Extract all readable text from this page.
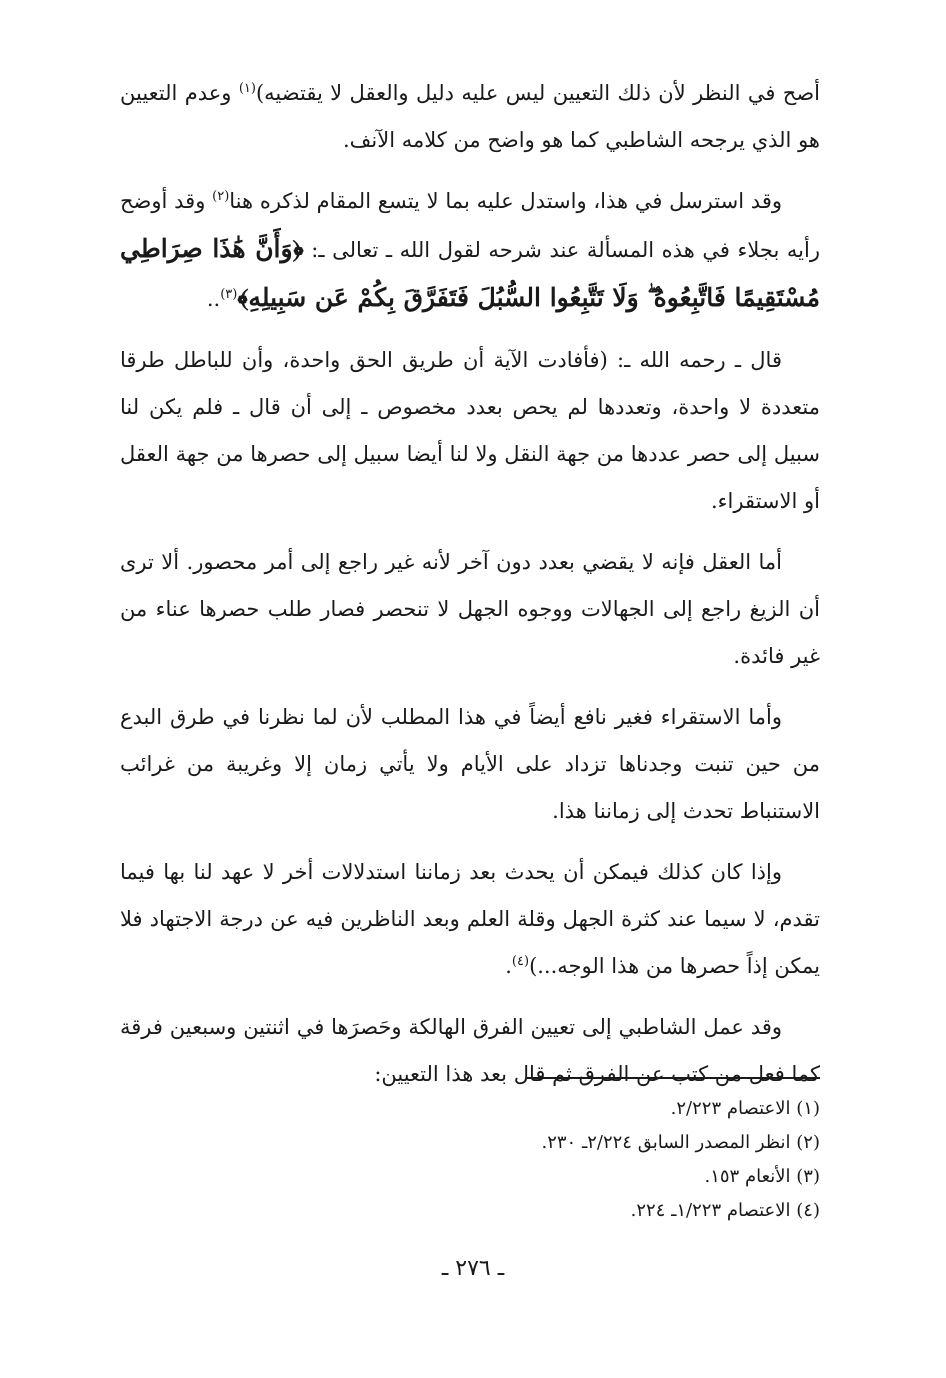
أصح في النظر لأن ذلك التعيين ليس عليه دليل والعقل لا يقتضيه)$^{(١)}$ وعدم التعيين هو الذي يرجحه الشاطبي كما هو واضح من كلامه الآنف.

وقد استرسل في هذا، واستدل عليه بما لا يتسع المقام لذكره هنا$^{(٢)}$ وقد أوضح رأيه بجلاء في هذه المسألة عند شرحه لقول الله ـ تعالى ـ: ﴿وَأَنَّ هَٰذَا صِرَاطِي مُسْتَقِيمًا فَاتَّبِعُوهُ ۖ وَلَا تَتَّبِعُوا السُّبُلَ فَتَفَرَّقَ بِكُمْ عَن سَبِيلِهِ﴾$^{(٣)}$..

قال ـ رحمه الله ـ: (فأفادت الآية أن طريق الحق واحدة، وأن للباطل طرقا متعددة لا واحدة، وتعددها لم يحص بعدد مخصوص ـ إلى أن قال ـ فلم يكن لنا سبيل إلى حصر عددها من جهة النقل ولا لنا أيضا سبيل إلى حصرها من جهة العقل أو الاستقراء.

أما العقل فإنه لا يقضي بعدد دون آخر لأنه غير راجع إلى أمر محصور. ألا ترى أن الزيغ راجع إلى الجهالات ووجوه الجهل لا تنحصر فصار طلب حصرها عناء من غير فائدة.

وأما الاستقراء فغير نافع أيضاً في هذا المطلب لأن لما نظرنا في طرق البدع من حين تنبت وجدناها تزداد على الأيام ولا يأتي زمان إلا وغريبة من غرائب الاستنباط تحدث إلى زماننا هذا.

وإذا كان كذلك فيمكن أن يحدث بعد زماننا استدلالات أخر لا عهد لنا بها فيما تقدم، لا سيما عند كثرة الجهل وقلة العلم وبعد الناظرين فيه عن درجة الاجتهاد فلا يمكن إذاً حصرها من هذا الوجه...)$^{(٤)}$.

وقد عمل الشاطبي إلى تعيين الفرق الهالكة وحَصرَها في اثنتين وسبعين فرقة كما فعل من كتب عن الفرق ثم قال بعد هذا التعيين:

(١) الاعتصام ٢/٢٢٣.
(٢) انظر المصدر السابق ٢/٢٢٤ـ ٢٣٠.
(٣) الأنعام ١٥٣.
(٤) الاعتصام ١/٢٢٣ـ ٢٢٤.
ـ ٢٧٦ ـ
